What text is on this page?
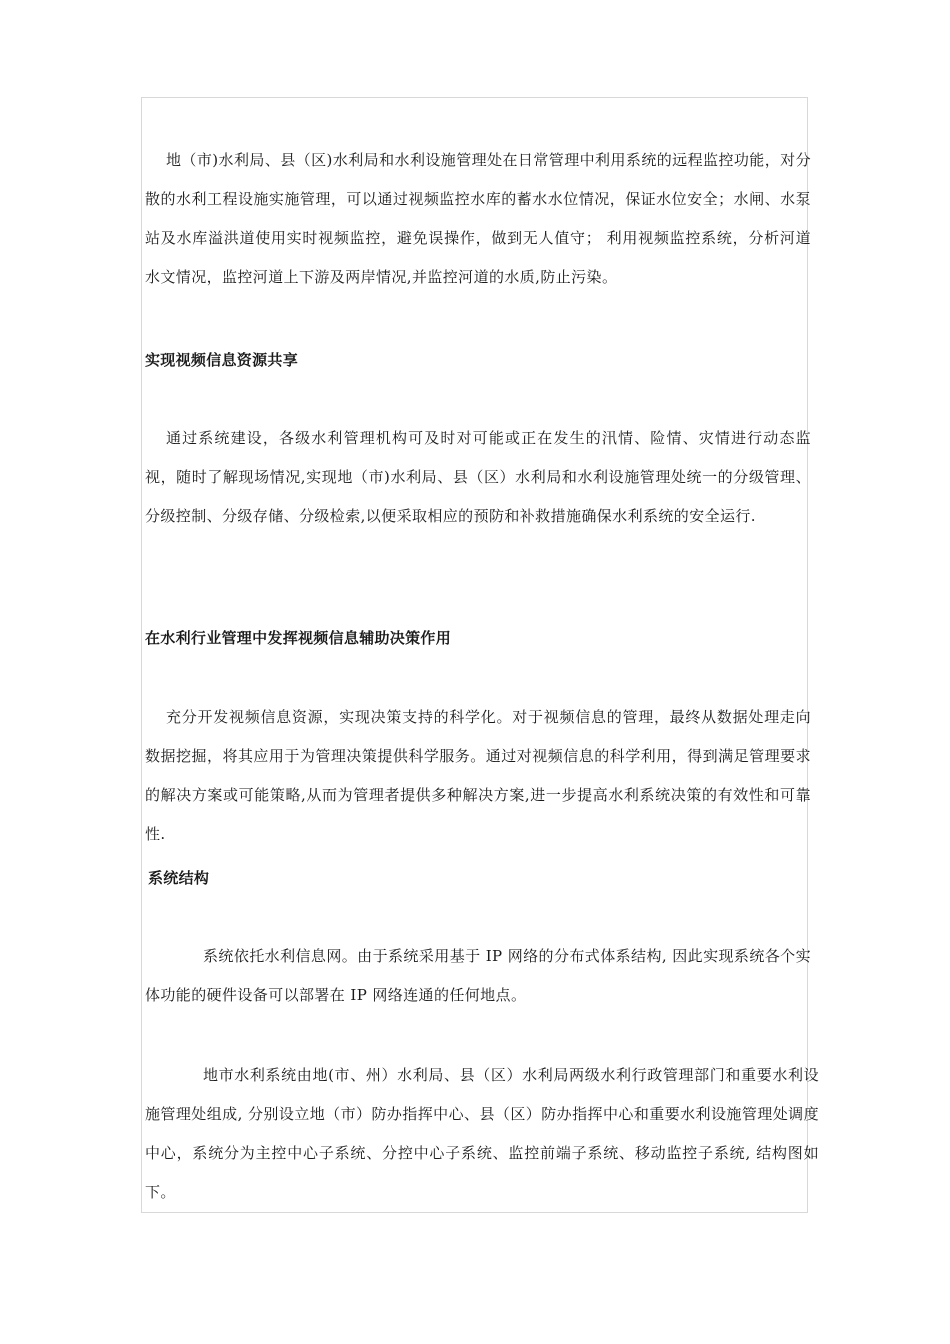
地（市)水利局、县（区)水利局和水利设施管理处在日常管理中利用系统的远程监控功能，对分散的水利工程设施实施管理，可以通过视频监控水库的蓄水水位情况，保证水位安全；水闸、水泵站及水库溢洪道使用实时视频监控，避免误操作，做到无人值守； 利用视频监控系统，分析河道水文情况，监控河道上下游及两岸情况,并监控河道的水质,防止污染。

实现视频信息资源共享

通过系统建设，各级水利管理机构可及时对可能或正在发生的汛情、险情、灾情进行动态监视，随时了解现场情况,实现地（市)水利局、县（区）水利局和水利设施管理处统一的分级管理、分级控制、分级存储、分级检索,以便采取相应的预防和补救措施确保水利系统的安全运行.

在水利行业管理中发挥视频信息辅助决策作用

充分开发视频信息资源，实现决策支持的科学化。对于视频信息的管理，最终从数据处理走向数据挖掘，将其应用于为管理决策提供科学服务。通过对视频信息的科学利用，得到满足管理要求的解决方案或可能策略,从而为管理者提供多种解决方案,进一步提高水利系统决策的有效性和可靠性.

系统结构

系统依托水利信息网。由于系统采用基于 IP 网络的分布式体系结构, 因此实现系统各个实体功能的硬件设备可以部署在 IP 网络连通的任何地点。

地市水利系统由地(市、州）水利局、县（区）水利局两级水利行政管理部门和重要水利设施管理处组成, 分别设立地（市）防办指挥中心、县（区）防办指挥中心和重要水利设施管理处调度中心，系统分为主控中心子系统、分控中心子系统、监控前端子系统、移动监控子系统, 结构图如下。
